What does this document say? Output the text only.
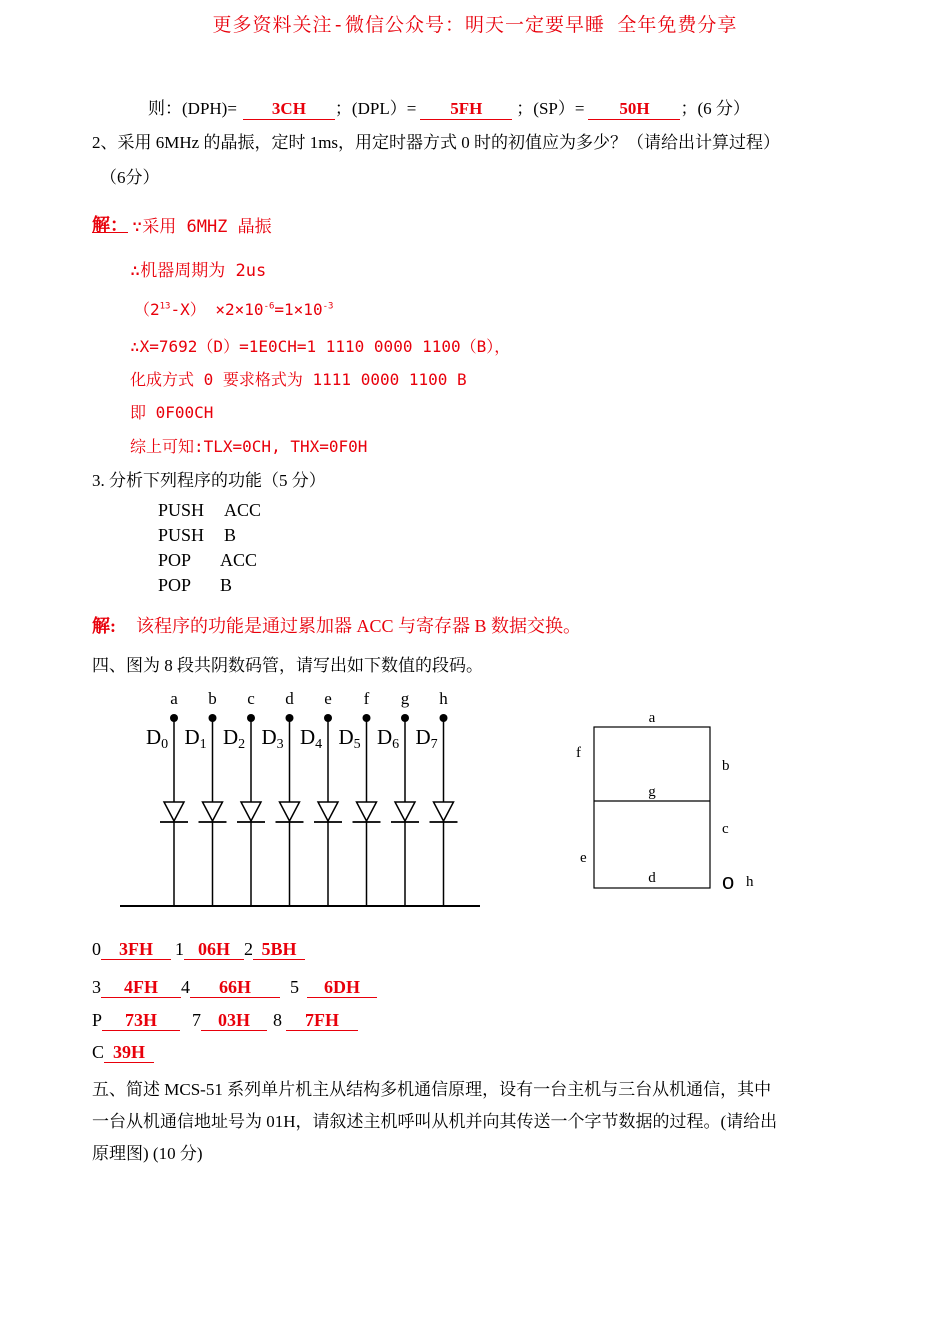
更多资料关注-微信公众号：明天一定要早睡 全年免费分享
则：(DPH)= 3CH ；(DPL）= 5FH ；(SP）= 50H ；(6 分）
2、采用 6MHz 的晶振，定时 1ms，用定时器方式 0 时的初值应为多少？（请给出计算过程）
（6分）
解： ∵采用 6MHZ 晶振
∴机器周期为 2us
$(2^{13}-X) \times 2\times 10^{-6}=1\times 10^{-3}$
∴X=7692（D）=1E0CH=1 1110 0000 1100（B），
化成方式 0 要求格式为 1111 0000 1100 B
即 0F00CH
综上可知:TLX=0CH, THX=0F0H
3. 分析下列程序的功能（5 分）
PUSH ACC
PUSH B
POP ACC
POP B
解: 该程序的功能是通过累加器 ACC 与寄存器 B 数据交换。
四、图为 8 段共阴数码管，请写出如下数值的段码。
a
D0
b
D1
c
D2
d
D3
e
D4
f
D5
g
D6
h
D7
a
b
c
d
e
f
g
o h
0 3FH 1 06H 2 5BH
3 4FH 4 66H 5 6DH
P 73H 7 03H 8 7FH
C 39H
五、简述 MCS-51 系列单片机主从结构多机通信原理，设有一台主机与三台从机通信，其中
一台从机通信地址号为 01H，请叙述主机呼叫从机并向其传送一个字节数据的过程。(请给出
原理图) (10 分)
